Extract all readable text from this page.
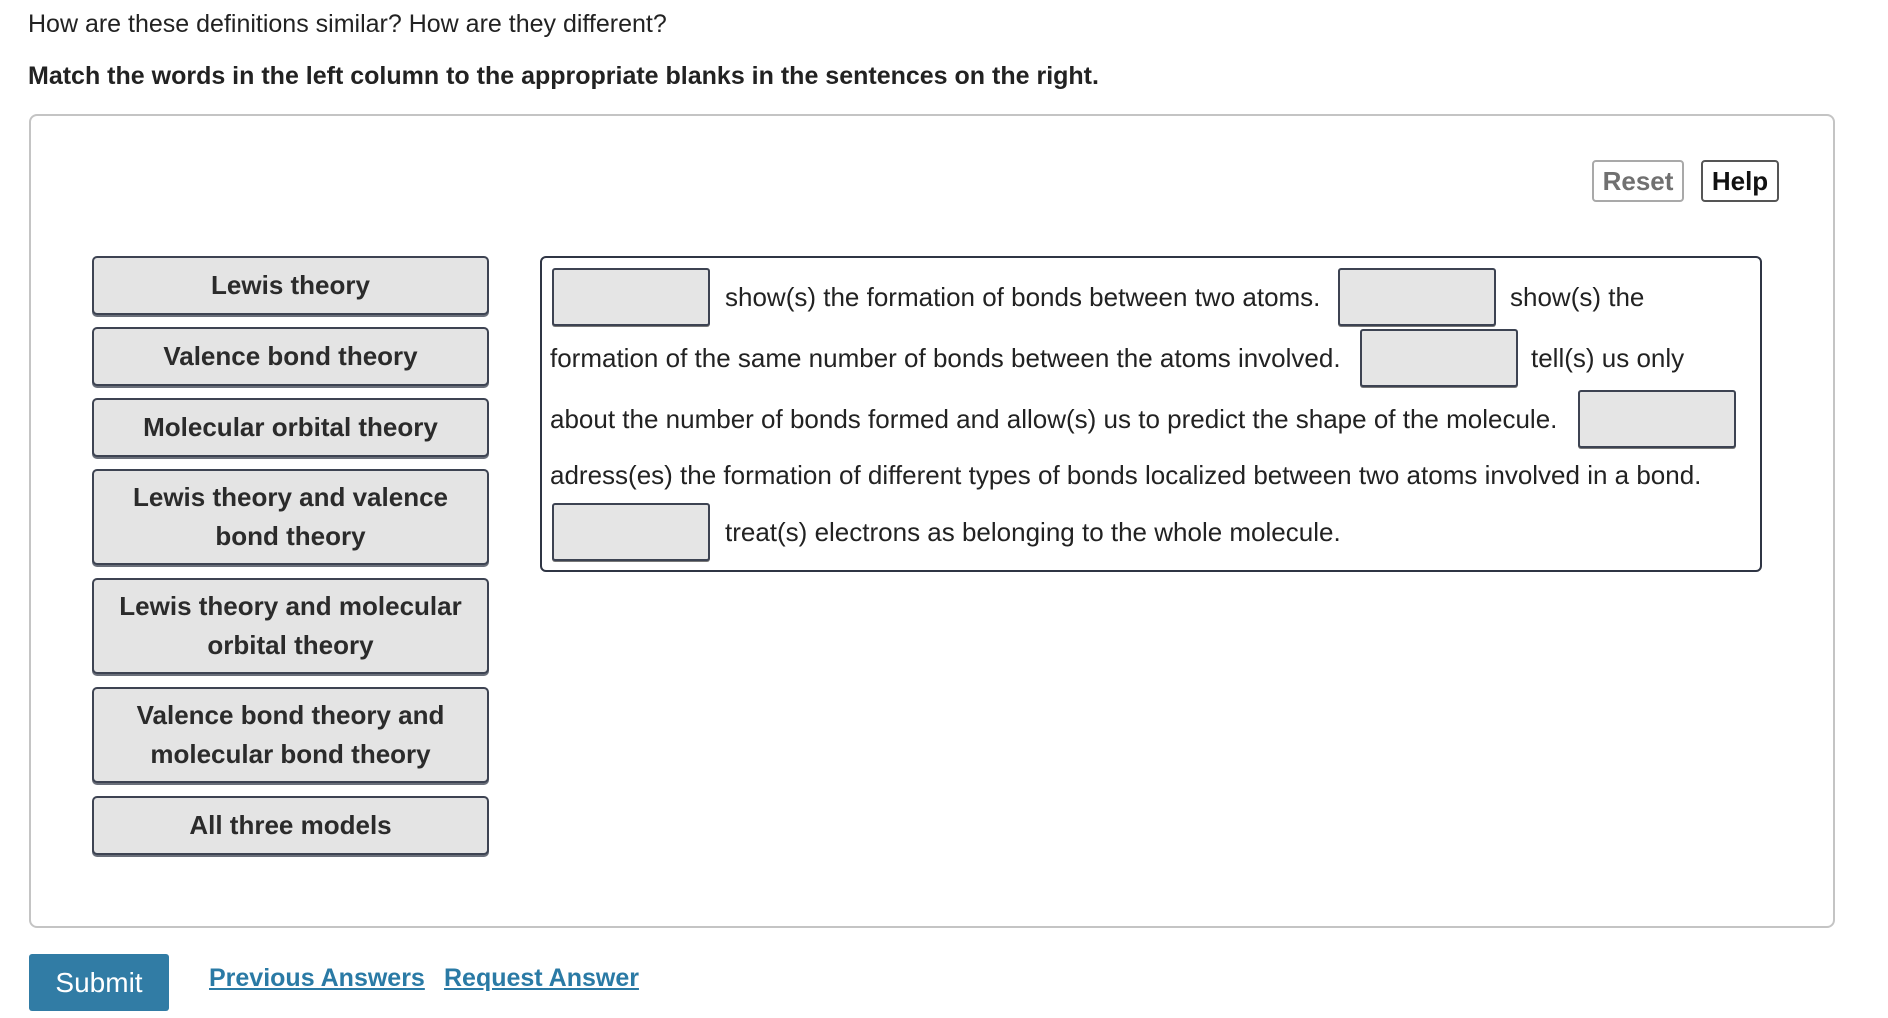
How are these definitions similar? How are they different?

Match the words in the left column to the appropriate blanks in the sentences on the right.

Reset	Help
Lewis theory
Valence bond theory
Molecular orbital theory
Lewis theory and valence bond theory
Lewis theory and molecular orbital theory
Valence bond theory and molecular bond theory
All three models
show(s) the formation of bonds between two atoms.	show(s) the
formation of the same number of bonds between the atoms involved.	tell(s) us only
about the number of bonds formed and allow(s) us to predict the shape of the molecule.
adress(es) the formation of different types of bonds localized between two atoms involved in a bond.
treat(s) electrons as belonging to the whole molecule.
Submit	Previous Answers Request Answer
